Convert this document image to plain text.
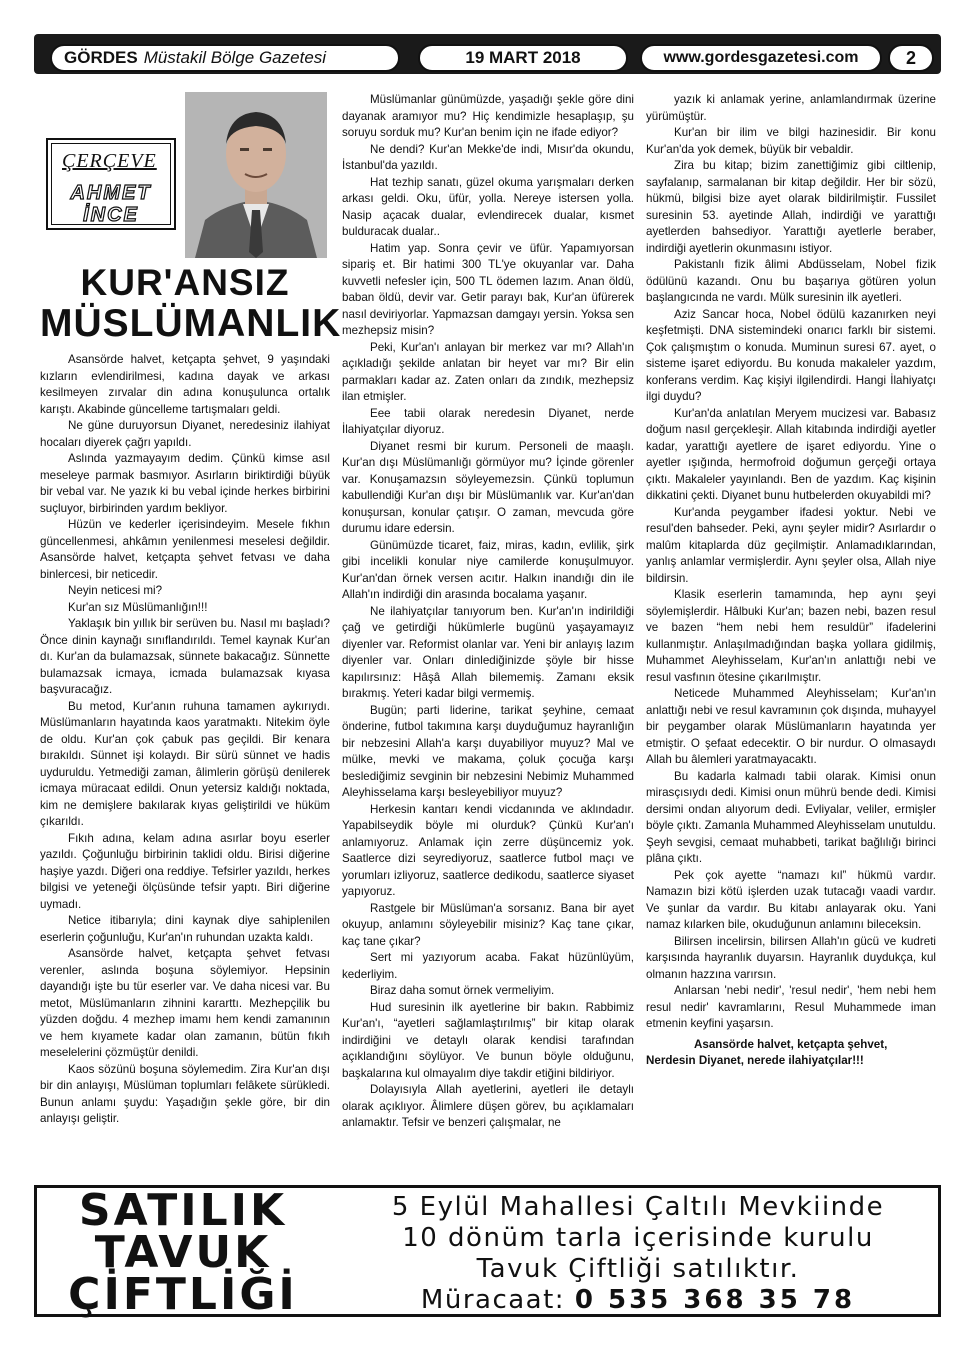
GÖRDES Müstakil Bölge Gazetesi	19 MART 2018	www.gordesgazetesi.com	2
ÇERÇEVE
AHMET
İNCE
KUR'ANSIZ
MÜSLÜMANLIK

Asansörde halvet, ketçapta şehvet, 9 yaşındaki kızların evlendirilmesi, kadına dayak ve arkası kesilmeyen zırvalar din adına konuşulunca ortalık karıştı. Akabinde güncelleme tartışmaları geldi.

Ne güne duruyorsun Diyanet, neredesiniz ilahiyat hocaları diyerek çağrı yapıldı.

Aslında yazmayayım dedim. Çünkü kimse asıl meseleye parmak basmıyor. Asırların biriktirdiği büyük bir vebal var. Ne yazık ki bu vebal içinde herkes birbirini suçluyor, birbirinden yardım bekliyor.

Hüzün ve kederler içerisindeyim. Mesele fıkhın güncellenmesi, ahkâmın yenilenmesi meselesi değildir. Asansörde halvet, ketçapta şehvet fetvası ve daha binlercesi, bir neticedir.

Neyin neticesi mi?

Kur'an sız Müslümanlığın!!!

Yaklaşık bin yıllık bir serüven bu. Nasıl mı başladı? Önce dinin kaynağı sınıflandırıldı. Temel kaynak Kur'an dı. Kur'an da bulamazsak, sünnete bakacağız. Sünnette bulamazsak icmaya, icmada bulamazsak kıyasa başvuracağız.

Bu metod, Kur'anın ruhuna tamamen aykırıydı. Müslümanların hayatında kaos yaratmaktı. Nitekim öyle de oldu. Kur'an çok çabuk pas geçildi. Bir kenara bırakıldı. Sünnet işi kolaydı. Bir sürü sünnet ve hadis uyduruldu. Yetmediği zaman, âlimlerin görüşü denilerek icmaya müracaat edildi. Onun yetersiz kaldığı noktada, kim ne demişlere bakılarak kıyas geliştirildi ve hüküm çıkarıldı.

Fıkıh adına, kelam adına asırlar boyu eserler yazıldı. Çoğunluğu birbirinin taklidi oldu. Birisi diğerine haşiye yazdı. Diğeri ona reddiye. Tefsirler yazıldı, herkes bilgisi ve yeteneği ölçüsünde tefsir yaptı. Biri diğerine uymadı.

Netice itibarıyla; dini kaynak diye sahiplenilen eserlerin çoğunluğu, Kur'an'ın ruhundan uzakta kaldı.

Asansörde halvet, ketçapta şehvet fetvası verenler, aslında boşuna söylemiyor. Hepsinin dayandığı işte bu tür eserler var. Ve daha nicesi var. Bu metot, Müslümanların zihnini kararttı. Mezhepçilik bu yüzden doğdu. 4 mezhep imamı hem kendi zamanının ve hem kıyamete kadar olan zamanın, bütün fıkıh meselelerini çözmüştür denildi.

Kaos sözünü boşuna söylemedim. Zira Kur'an dışı bir din anlayışı, Müslüman toplumları felâkete sürükledi. Bunun anlamı şuydu: Yaşadığın şekle göre, bir din anlayışı geliştir.

Müslümanlar günümüzde, yaşadığı şekle göre dini dayanak aramıyor mu? Hiç kendimizle hesaplaşıp, şu soruyu sorduk mu? Kur'an benim için ne ifade ediyor?

Ne dendi? Kur'an Mekke'de indi, Mısır'da okundu, İstanbul'da yazıldı.

Hat tezhip sanatı, güzel okuma yarışmaları derken arkası geldi. Oku, üfür, yolla. Nereye istersen yolla. Nasip açacak dualar, evlendirecek dualar, kısmet bulduracak dualar..

Hatim yap. Sonra çevir ve üfür. Yapamıyorsan sipariş et. Bir hatimi 300 TL'ye okuyanlar var. Daha kuvvetli nefesler için, 500 TL ödemen lazım. Anan öldü, baban öldü, devir var. Getir parayı bak, Kur'an üfürerek nasıl deviriyorlar. Yapmazsan damgayı yersin. Yoksa sen mezhepsiz misin?

Peki, Kur'an'ı anlayan bir merkez var mı? Allah'ın açıkladığı şekilde anlatan bir heyet var mı? Bir elin parmakları kadar az. Zaten onları da zındık, mezhepsiz ilan etmişler.

Eee tabii olarak neredesin Diyanet, nerde İlahiyatçılar diyoruz.

Diyanet resmi bir kurum. Personeli de maaşlı. Kur'an dışı Müslümanlığı görmüyor mu? İçinde görenler var. Konuşamazsın söyleyemezsin. Çünkü toplumun kabullendiği Kur'an dışı bir Müslümanlık var. Kur'an'dan konuşursan, konular çatışır. O zaman, mevcuda göre durumu idare edersin.

Günümüzde ticaret, faiz, miras, kadın, evlilik, şirk gibi incelikli konular niye camilerde konuşulmuyor. Kur'an'dan örnek versen acıtır. Halkın inandığı din ile Allah'ın indirdiği din arasında bocalama yaşanır.

Ne ilahiyatçılar tanıyorum ben. Kur'an'ın indirildiği çağ ve getirdiği hükümlerle bugünü yaşayamayız diyenler var. Reformist olanlar var. Yeni bir anlayış lazım diyenler var. Onları dinlediğinizde şöyle bir hisse kapılırsınız: Hâşâ Allah bilememiş. Zamanı eksik bırakmış. Yeteri kadar bilgi vermemiş.

Bugün; parti liderine, tarikat şeyhine, cemaat önderine, futbol takımına karşı duyduğumuz hayranlığın bir nebzesini Allah'a karşı duyabiliyor muyuz? Mal ve mülke, mevki ve makama, çoluk çocuğa karşı beslediğimiz sevginin bir nebzesini Nebimiz Muhammed Aleyhisselama karşı besleyebiliyor muyuz?

Herkesin kantarı kendi vicdanında ve aklındadır. Yapabilseydik böyle mi olurduk? Çünkü Kur'an'ı anlamıyoruz. Anlamak için zerre düşüncemiz yok. Saatlerce dizi seyrediyoruz, saatlerce futbol maçı ve yorumları izliyoruz, saatlerce dedikodu, saatlerce siyaset yapıyoruz.

Rastgele bir Müslüman'a sorsanız. Bana bir ayet okuyup, anlamını söyleyebilir misiniz? Kaç tane çıkar, kaç tane çıkar?

Sert mi yazıyorum acaba. Fakat hüzünlüyüm, kederliyim.

Biraz daha somut örnek vermeliyim.

Hud suresinin ilk ayetlerine bir bakın. Rabbimiz Kur'an'ı, “ayetleri sağlamlaştırılmış” bir kitap olarak indirdiğini ve detaylı olarak kendisi tarafından açıklandığını söylüyor. Ve bunun böyle olduğunu, başkalarına kul olmayalım diye takdir etiğini bildiriyor.

Dolayısıyla Allah ayetlerini, ayetleri ile detaylı olarak açıklıyor. Âlimlere düşen görev, bu açıklamaları anlamaktır. Tefsir ve benzeri çalışmalar, ne

yazık ki anlamak yerine, anlamlandırmak üzerine yürümüştür.

Kur'an bir ilim ve bilgi hazinesidir. Bir konu Kur'an'da yok demek, büyük bir vebaldir.

Zira bu kitap; bizim zanettiğimiz gibi ciltlenip, sayfalanıp, sarmalanan bir kitap değildir. Her bir sözü, hükmü, bilgisi bize ayet olarak bildirilmiştir. Fussilet suresinin 53. ayetinde Allah, indirdiği ve yarattığı ayetlerden bahsediyor. Yarattığı ayetlerle beraber, indirdiği ayetlerin okunmasını istiyor.

Pakistanlı fizik âlimi Abdüsselam, Nobel fizik ödülünü kazandı. Onu bu başarıya götüren yolun başlangıcında ne vardı. Mülk suresinin ilk ayetleri.

Aziz Sancar hoca, Nobel ödülü kazanırken neyi keşfetmişti. DNA sistemindeki onarıcı farklı bir sistemi. Çok çalışmıştım o konuda. Muminun suresi 67. ayet, o sisteme işaret ediyordu. Bu konuda makaleler yazdım, konferans verdim. Kaç kişiyi ilgilendirdi. Hangi İlahiyatçı ilgi duydu?

Kur'an'da anlatılan Meryem mucizesi var. Babasız doğum nasıl gerçekleşir. Allah kitabında indirdiği ayetler kadar, yarattığı ayetlere de işaret ediyordu. Yine o ayetler ışığında, hermofroid doğumun gerçeği ortaya çıktı. Makaleler yayınlandı. Ben de yazdım. Kaç kişinin dikkatini çekti. Diyanet bunu hutbelerden okuyabildi mi?

Kur'anda peygamber ifadesi yoktur. Nebi ve resul'den bahseder. Peki, aynı şeyler midir? Asırlardır o malûm kitaplarda düz geçilmiştir. Anlamadıklarından, yanlış anlamlar vermişlerdir. Aynı şeyler olsa, Allah niye bildirsin.

Klasik eserlerin tamamında, hep aynı şeyi söylemişlerdir. Hâlbuki Kur'an; bazen nebi, bazen resul ve bazen “hem nebi hem resuldür” ifadelerini kullanmıştır. Anlaşılmadığından başka yollara gidilmiş, Muhammet Aleyhisselam, Kur'an'ın anlattığı nebi ve resul vasfının ötesine çıkarılmıştır.

Neticede Muhammed Aleyhisselam; Kur'an'ın anlattığı nebi ve resul kavramının çok dışında, muhayyel bir peygamber olarak Müslümanların hayatında yer etmiştir. O şefaat edecektir. O bir nurdur. O olmasaydı Allah bu âlemleri yaratmayacaktı.

Bu kadarla kalmadı tabii olarak. Kimisi onun mirasçısıydı dedi. Kimisi onun mührü bende dedi. Kimisi dersimi ondan alıyorum dedi. Evliyalar, veliler, ermişler böyle çıktı. Zamanla Muhammed Aleyhisselam unutuldu. Şeyh sevgisi, cemaat muhabbeti, tarikat bağlılığı birinci plâna çıktı.

Pek çok ayette “namazı kıl” hükmü vardır. Namazın bizi kötü işlerden uzak tutacağı vaadi vardır. Ve şunlar da vardır. Bu kitabı anlayarak oku. Yani namaz kılarken bile, okuduğunun anlamını bileceksin.

Bilirsen incelirsin, bilirsen Allah'ın gücü ve kudreti karşısında hayranlık duyarsın. Hayranlık duydukça, kul olmanın hazzına varırsın.

Anlarsan 'nebi nedir', 'resul nedir', 'hem nebi hem resul nedir' kavramlarını, Resul Muhammede iman etmenin keyfini yaşarsın.

Asansörde halvet, ketçapta şehvet,

Nerdesin Diyanet, nerede ilahiyatçılar!!!

SATILIK
TAVUK
ÇİFTLİĞİ
5 Eylül Mahallesi Çaltılı Mevkiinde
10 dönüm tarla içerisinde kurulu
Tavuk Çiftliği satılıktır.
Müracaat: 0 535 368 35 78
